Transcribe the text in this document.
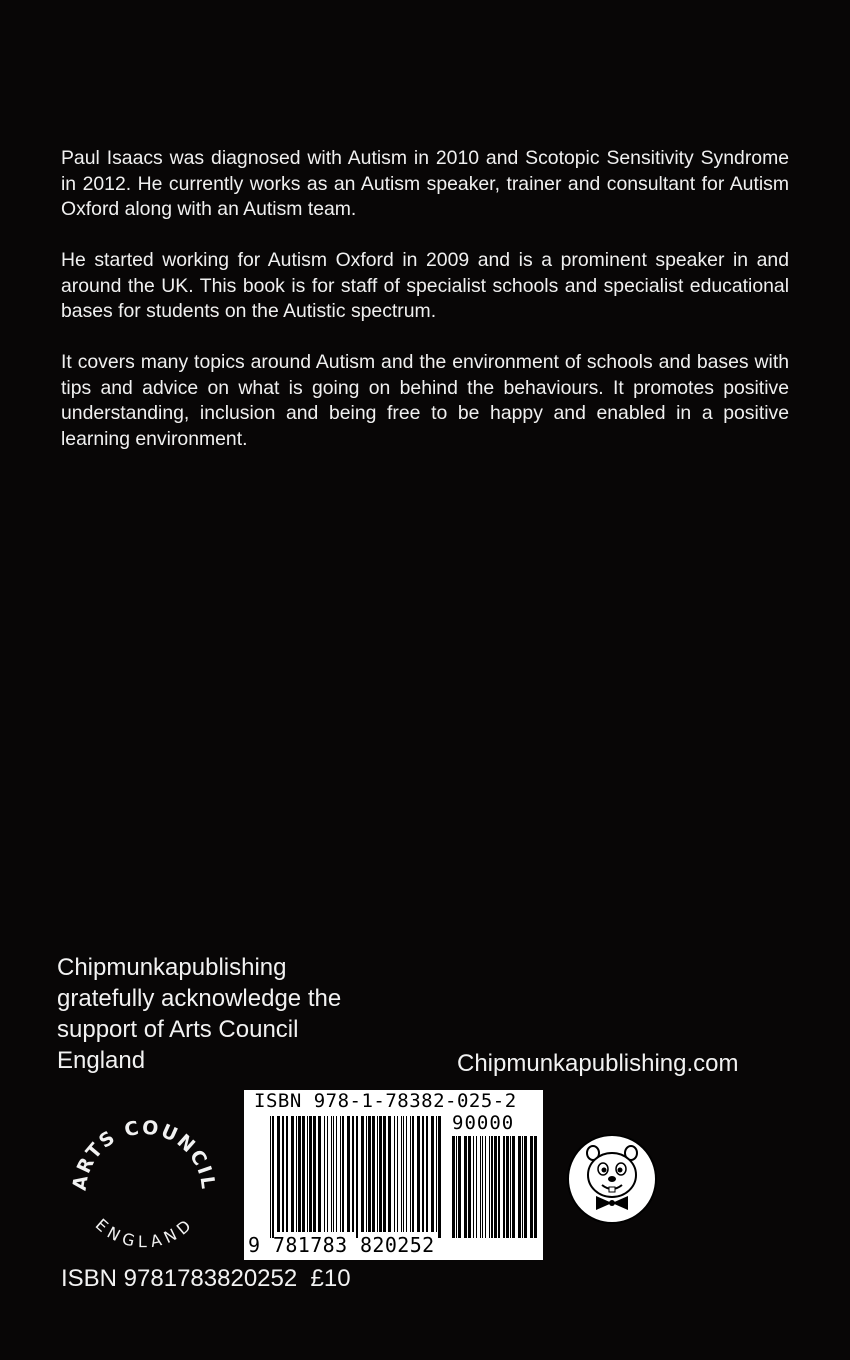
Paul Isaacs was diagnosed with Autism in 2010 and Scotopic Sensitivity Syndrome in 2012. He currently works as an Autism speaker, trainer and consultant for Autism Oxford along with an Autism team.

He started working for Autism Oxford in 2009 and is a prominent speaker in and around the UK. This book is for staff of specialist schools and specialist educational bases for students on the Autistic spectrum.

It covers many topics around Autism and the environment of schools and bases with tips and advice on what is going on behind the behaviours. It promotes positive understanding, inclusion and being free to be happy and enabled in a positive learning environment.

Chipmunkapublishing
gratefully acknowledge the
support of Arts Council
England	Chipmunkapublishing.com
ARTS COUNCIL
ENGLAND
ISBN 978-1-78382-025-2
90000
9 781783 820252
ISBN 9781783820252 £10
